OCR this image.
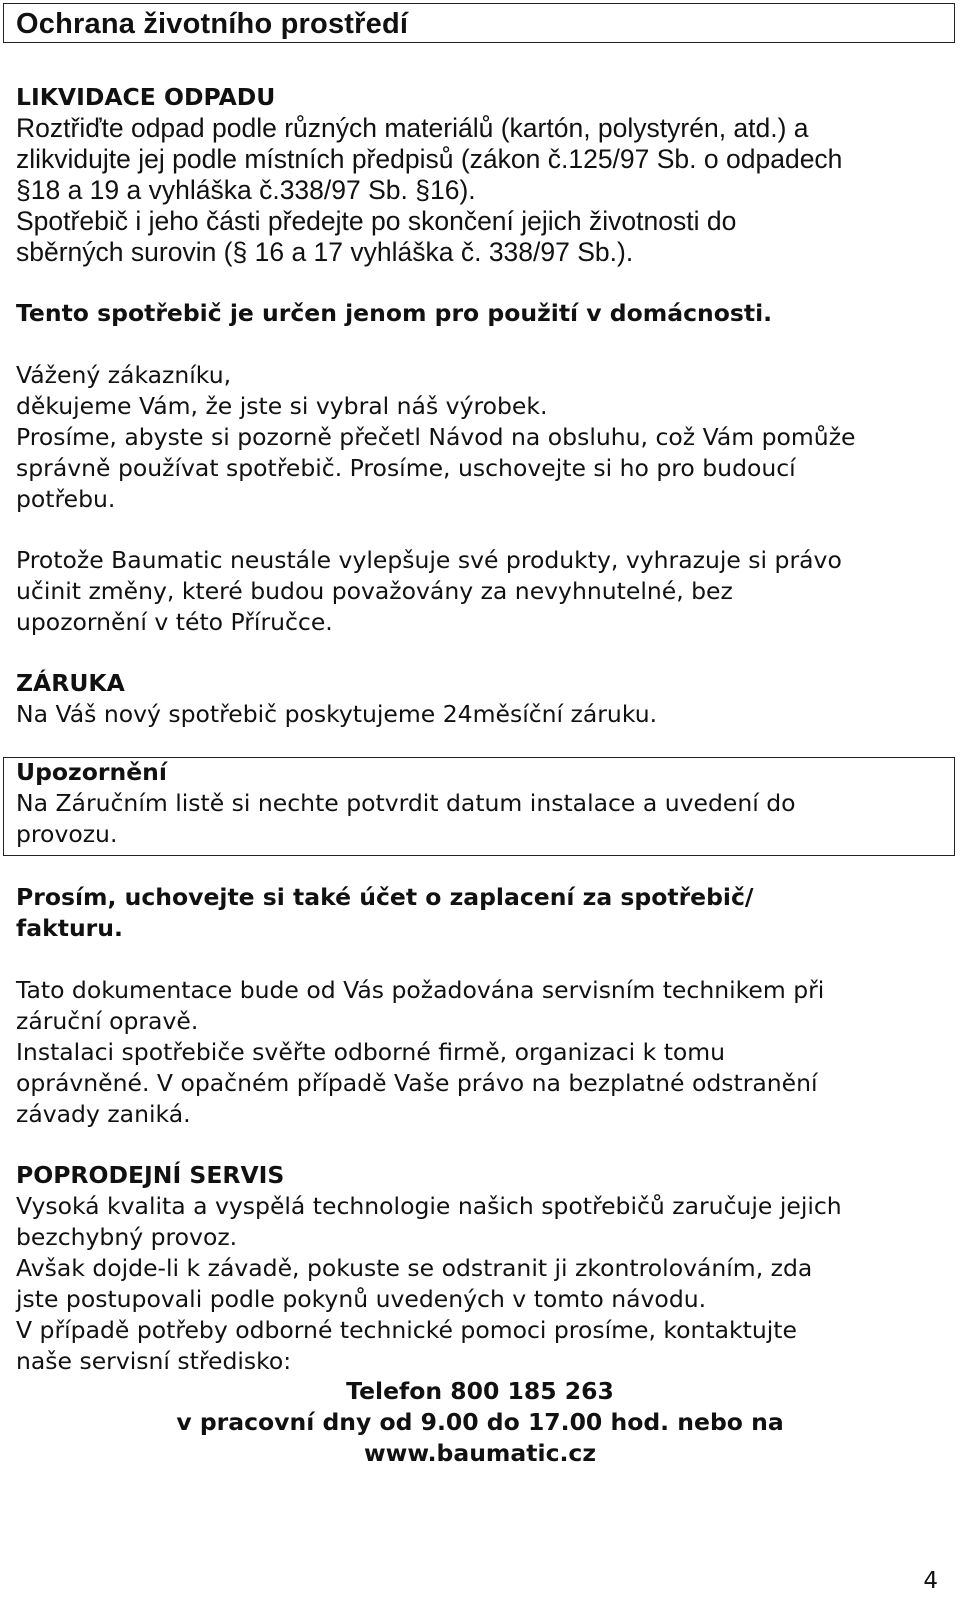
Ochrana životního prostředí
LIKVIDACE ODPADU
Roztřiďte odpad podle různých materiálů (kartón, polystyrén, atd.) a
zlikvidujte jej podle místních předpisů (zákon č.125/97 Sb. o odpadech
§18 a 19 a vyhláška č.338/97 Sb. §16).
Spotřebič i jeho části předejte po skončení jejich životnosti do
sběrných surovin (§ 16 a 17 vyhláška č. 338/97 Sb.).
Tento spotřebič je určen jenom pro použití v domácnosti.
Vážený zákazníku,
děkujeme Vám, že jste si vybral náš výrobek.
Prosíme, abyste si pozorně přečetl Návod na obsluhu, což Vám pomůže
správně používat spotřebič. Prosíme, uschovejte si ho pro budoucí
potřebu.
Protože Baumatic neustále vylepšuje své produkty, vyhrazuje si právo
učinit změny, které budou považovány za nevyhnutelné, bez
upozornění v této Příručce.
ZÁRUKA
Na Váš nový spotřebič poskytujeme 24měsíční záruku.
Upozornění
Na Záručním listě si nechte potvrdit datum instalace a uvedení do
provozu.
Prosím, uchovejte si také účet o zaplacení za spotřebič/
fakturu.
Tato dokumentace bude od Vás požadována servisním technikem při
záruční opravě.
Instalaci spotřebiče svěřte odborné firmě, organizaci k tomu
oprávněné. V opačném případě Vaše právo na bezplatné odstranění
závady zaniká.
POPRODEJNÍ SERVIS
Vysoká kvalita a vyspělá technologie našich spotřebičů zaručuje jejich
bezchybný provoz.
Avšak dojde-li k závadě, pokuste se odstranit ji zkontrolováním, zda
jste postupovali podle pokynů uvedených v tomto návodu.
V případě potřeby odborné technické pomoci prosíme, kontaktujte
naše servisní středisko:
Telefon 800 185 263
v pracovní dny od 9.00 do 17.00 hod. nebo na
www.baumatic.cz
4
